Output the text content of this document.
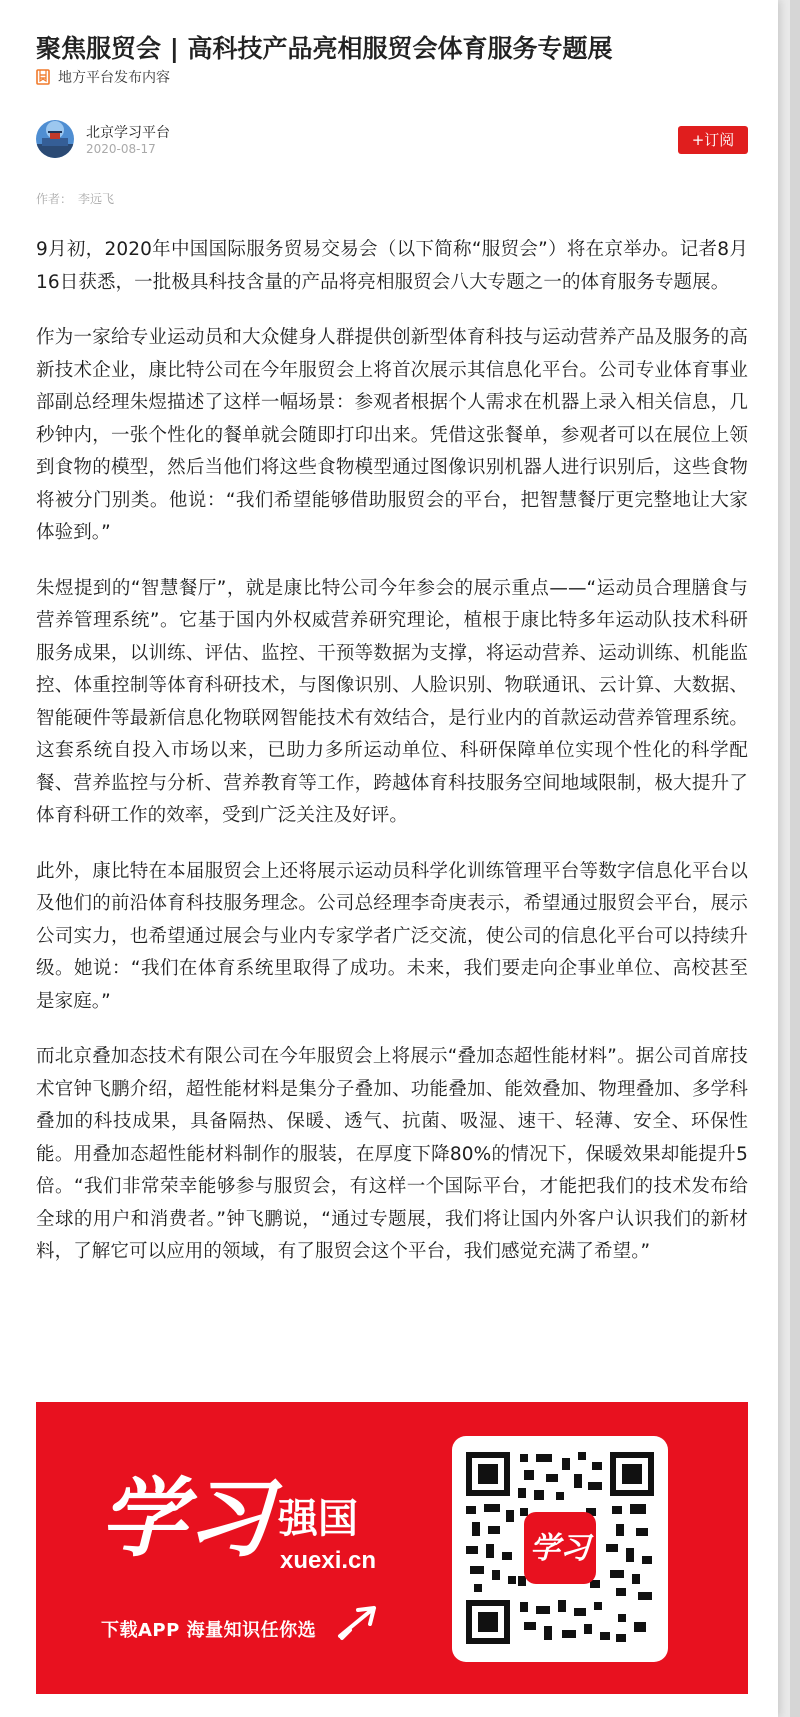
聚焦服贸会 | 高科技产品亮相服贸会体育服务专题展
地方平台发布内容
北京学习平台
2020-08-17	+订阅
作者： 李远飞

9月初，2020年中国国际服务贸易交易会（以下简称“服贸会”）将在京举办。记者8月16日获悉，一批极具科技含量的产品将亮相服贸会八大专题之一的体育服务专题展。

作为一家给专业运动员和大众健身人群提供创新型体育科技与运动营养产品及服务的高新技术企业，康比特公司在今年服贸会上将首次展示其信息化平台。公司专业体育事业部副总经理朱煜描述了这样一幅场景：参观者根据个人需求在机器上录入相关信息，几秒钟内，一张个性化的餐单就会随即打印出来。凭借这张餐单，参观者可以在展位上领到食物的模型，然后当他们将这些食物模型通过图像识别机器人进行识别后，这些食物将被分门别类。他说：“我们希望能够借助服贸会的平台，把智慧餐厅更完整地让大家体验到。”

朱煜提到的“智慧餐厅”，就是康比特公司今年参会的展示重点——“运动员合理膳食与营养管理系统”。它基于国内外权威营养研究理论，植根于康比特多年运动队技术科研服务成果，以训练、评估、监控、干预等数据为支撑，将运动营养、运动训练、机能监控、体重控制等体育科研技术，与图像识别、人脸识别、物联通讯、云计算、大数据、智能硬件等最新信息化物联网智能技术有效结合，是行业内的首款运动营养管理系统。这套系统自投入市场以来，已助力多所运动单位、科研保障单位实现个性化的科学配餐、营养监控与分析、营养教育等工作，跨越体育科技服务空间地域限制，极大提升了体育科研工作的效率，受到广泛关注及好评。

此外，康比特在本届服贸会上还将展示运动员科学化训练管理平台等数字信息化平台以及他们的前沿体育科技服务理念。公司总经理李奇庚表示，希望通过服贸会平台，展示公司实力，也希望通过展会与业内专家学者广泛交流，使公司的信息化平台可以持续升级。她说：“我们在体育系统里取得了成功。未来，我们要走向企事业单位、高校甚至是家庭。”

而北京叠加态技术有限公司在今年服贸会上将展示“叠加态超性能材料”。据公司首席技术官钟飞鹏介绍，超性能材料是集分子叠加、功能叠加、能效叠加、物理叠加、多学科叠加的科技成果，具备隔热、保暖、透气、抗菌、吸湿、速干、轻薄、安全、环保性能。用叠加态超性能材料制作的服装，在厚度下降80%的情况下，保暖效果却能提升5倍。“我们非常荣幸能够参与服贸会，有这样一个国际平台，才能把我们的技术发布给全球的用户和消费者。”钟飞鹏说，“通过专题展，我们将让国内外客户认识我们的新材料，了解它可以应用的领域，有了服贸会这个平台，我们感觉充满了希望。”

学习 强国
xuexi.cn
下载APP 海量知识任你选
学习
